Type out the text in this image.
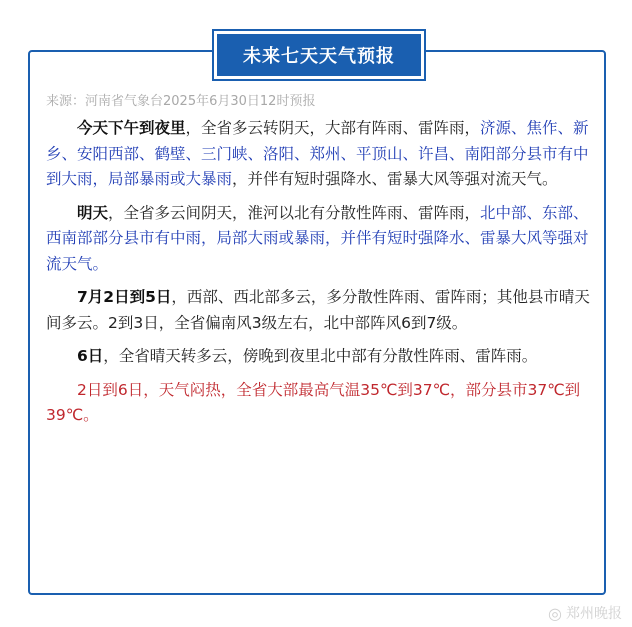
未来七天天气预报
来源：河南省气象台2025年6月30日12时预报

今天下午到夜里，全省多云转阴天，大部有阵雨、雷阵雨，济源、焦作、新乡、安阳西部、鹤壁、三门峡、洛阳、郑州、平顶山、许昌、南阳部分县市有中到大雨，局部暴雨或大暴雨，并伴有短时强降水、雷暴大风等强对流天气。

明天，全省多云间阴天，淮河以北有分散性阵雨、雷阵雨，北中部、东部、西南部部分县市有中雨，局部大雨或暴雨，并伴有短时强降水、雷暴大风等强对流天气。

7月2日到5日，西部、西北部多云，多分散性阵雨、雷阵雨；其他县市晴天间多云。2到3日，全省偏南风3级左右，北中部阵风6到7级。

6日，全省晴天转多云，傍晚到夜里北中部有分散性阵雨、雷阵雨。

2日到6日，天气闷热，全省大部最高气温35℃到37℃，部分县市37℃到39℃。

◎ 郑州晚报
